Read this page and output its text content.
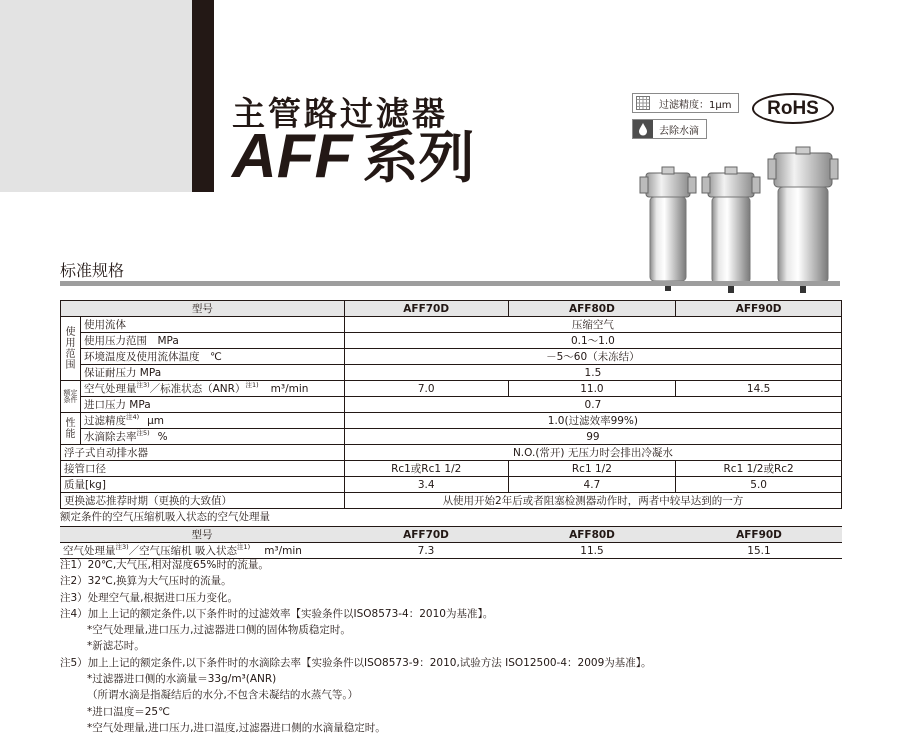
主管路过滤器
AFF 系列
过滤精度：1μm
去除水滴
RoHS
标准规格
型号		AFF70D	AFF80D	AFF90D
使用范围	使用流体	压缩空气		
	使用压力范围　MPa	0.1～1.0		
	环境温度及使用流体温度　℃	－5～60（未冻结）		
	保证耐压力 MPa	1.5		
额定条件	空气处理量$^{注3)}$／标准状态（ANR）$^{注1)}$ m³/min	7.0	11.0	14.5
	进口压力 MPa	0.7		
性能	过滤精度$^{注4)}$ μm	1.0(过滤效率99%)		
	水滴除去率$^{注5)}$ %	99		
浮子式自动排水器		N.O.(常开) 无压力时会排出冷凝水		
接管口径		Rc1或Rc1 1/2	Rc1 1/2	Rc1 1/2或Rc2
质量[kg]		3.4	4.7	5.0
更换滤芯推荐时期（更换的大致值）		从使用开始2年后或者阻塞检测器动作时，两者中较早达到的一方		
额定条件的空气压缩机吸入状态的空气处理量
型号	AFF70D	AFF80D	AFF90D
空气处理量$^{注3)}$／空气压缩机 吸入状态$^{注1)}$ m³/min	7.3	11.5	15.1
注1）20℃,大气压,相对湿度65%时的流量。
注2）32℃,换算为大气压时的流量。
注3）处理空气量,根据进口压力变化。
注4）加上上记的额定条件,以下条件时的过滤效率【实验条件以ISO8573-4：2010为基准】。
*空气处理量,进口压力,过滤器进口侧的固体物质稳定时。
*新滤芯时。
注5）加上上记的额定条件,以下条件时的水滴除去率【实验条件以ISO8573-9：2010,试验方法 ISO12500-4：2009为基准】。
*过滤器进口侧的水滴量＝33g/m³(ANR)
（所谓水滴是指凝结后的水分,不包含未凝结的水蒸气等。）
*进口温度＝25℃
*空气处理量,进口压力,进口温度,过滤器进口侧的水滴量稳定时。
